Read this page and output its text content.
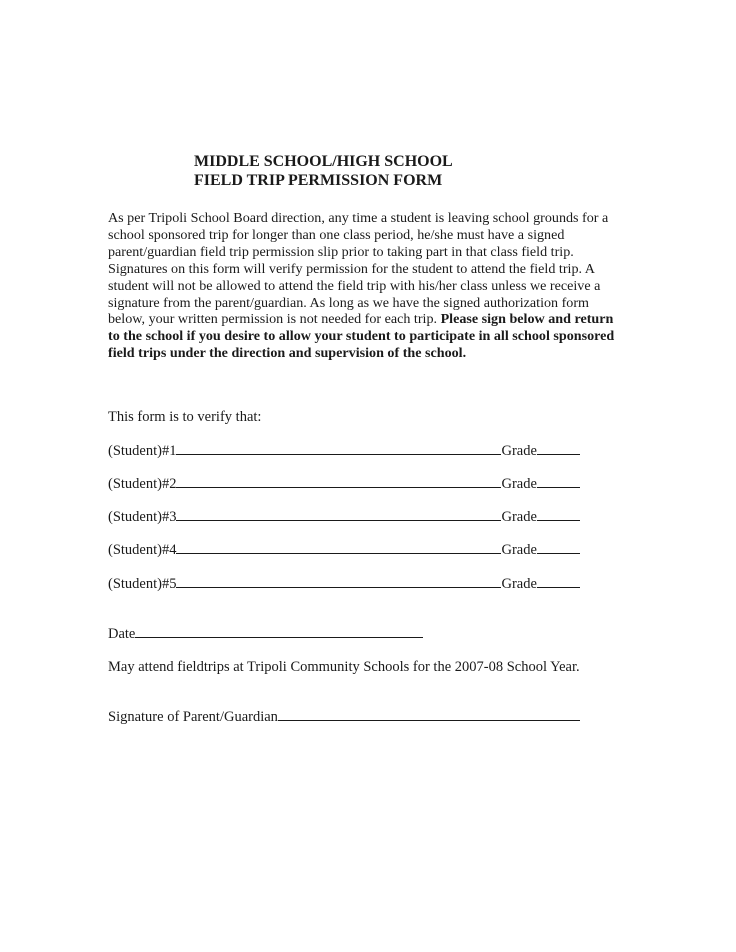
MIDDLE SCHOOL/HIGH SCHOOL
FIELD TRIP PERMISSION FORM

As per Tripoli School Board direction, any time a student is leaving school grounds for a school sponsored trip for longer than one class period, he/she must have a signed parent/guardian field trip permission slip prior to taking part in that class field trip. Signatures on this form will verify permission for the student to attend the field trip. A student will not be allowed to attend the field trip with his/her class unless we receive a signature from the parent/guardian. As long as we have the signed authorization form below, your written permission is not needed for each trip. Please sign below and return to the school if you desire to allow your student to participate in all school sponsored field trips under the direction and supervision of the school.

This form is to verify that:

(Student)#1	Grade
(Student)#2	Grade
(Student)#3	Grade
(Student)#4	Grade
(Student)#5	Grade
Date

May attend fieldtrips at Tripoli Community Schools for the 2007-08 School Year.

Signature of Parent/Guardian
